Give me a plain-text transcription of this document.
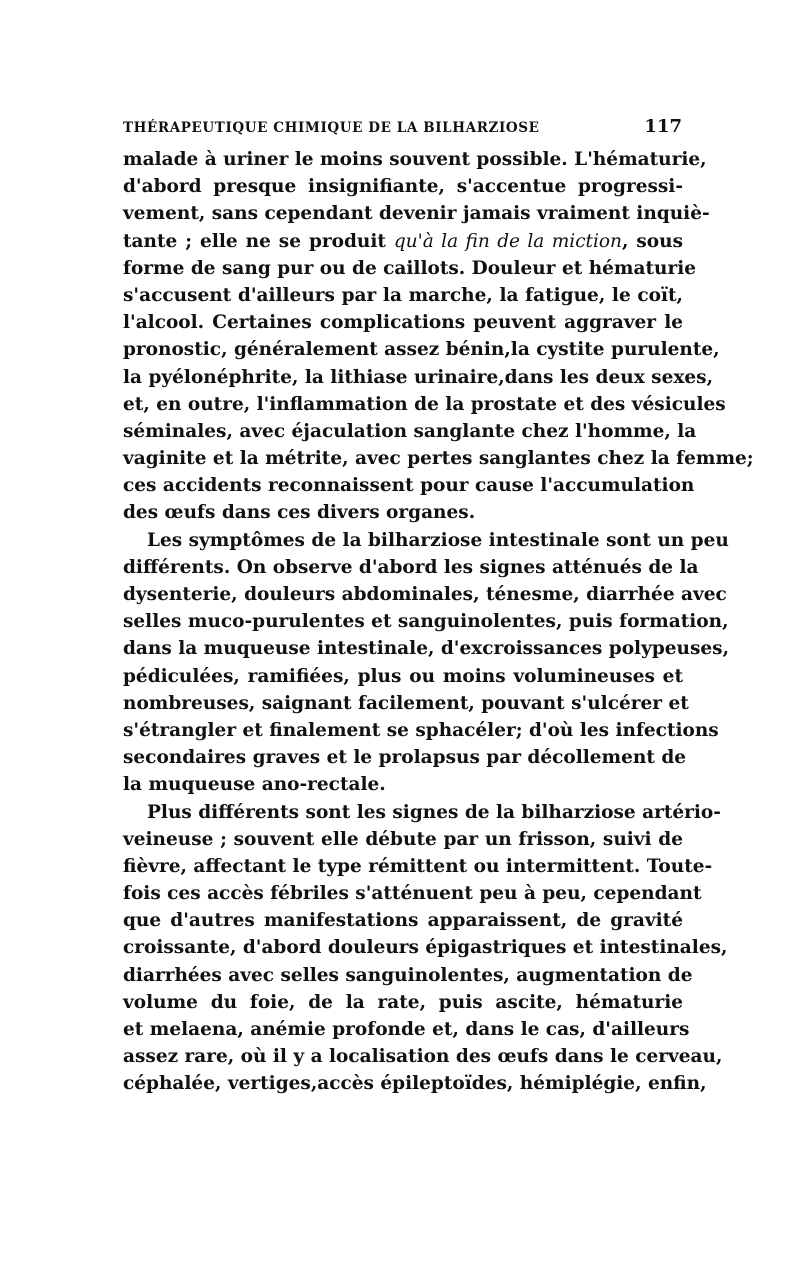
THÉRAPEUTIQUE CHIMIQUE DE LA BILHARZIOSE	117
malade à uriner le moins souvent possible. L'hématurie,
d'abord presque insignifiante, s'accentue progressi-
vement, sans cependant devenir jamais vraiment inquiè-
tante ; elle ne se produit qu'à la fin de la miction, sous
forme de sang pur ou de caillots. Douleur et hématurie
s'accusent d'ailleurs par la marche, la fatigue, le coït,
l'alcool. Certaines complications peuvent aggraver le
pronostic, généralement assez bénin,la cystite purulente,
la pyélonéphrite, la lithiase urinaire,dans les deux sexes,
et, en outre, l'inflammation de la prostate et des vésicules
séminales, avec éjaculation sanglante chez l'homme, la
vaginite et la métrite, avec pertes sanglantes chez la femme;
ces accidents reconnaissent pour cause l'accumulation
des œufs dans ces divers organes.
Les symptômes de la bilharziose intestinale sont un peu
différents. On observe d'abord les signes atténués de la
dysenterie, douleurs abdominales, ténesme, diarrhée avec
selles muco-purulentes et sanguinolentes, puis formation,
dans la muqueuse intestinale, d'excroissances polypeuses,
pédiculées, ramifiées, plus ou moins volumineuses et
nombreuses, saignant facilement, pouvant s'ulcérer et
s'étrangler et finalement se sphacéler; d'où les infections
secondaires graves et le prolapsus par décollement de
la muqueuse ano-rectale.
Plus différents sont les signes de la bilharziose artério-
veineuse ; souvent elle débute par un frisson, suivi de
fièvre, affectant le type rémittent ou intermittent. Toute-
fois ces accès fébriles s'atténuent peu à peu, cependant
que d'autres manifestations apparaissent, de gravité
croissante, d'abord douleurs épigastriques et intestinales,
diarrhées avec selles sanguinolentes, augmentation de
volume du foie, de la rate, puis ascite, hématurie
et melaena, anémie profonde et, dans le cas, d'ailleurs
assez rare, où il y a localisation des œufs dans le cerveau,
céphalée, vertiges,accès épileptoïdes, hémiplégie, enfin,
